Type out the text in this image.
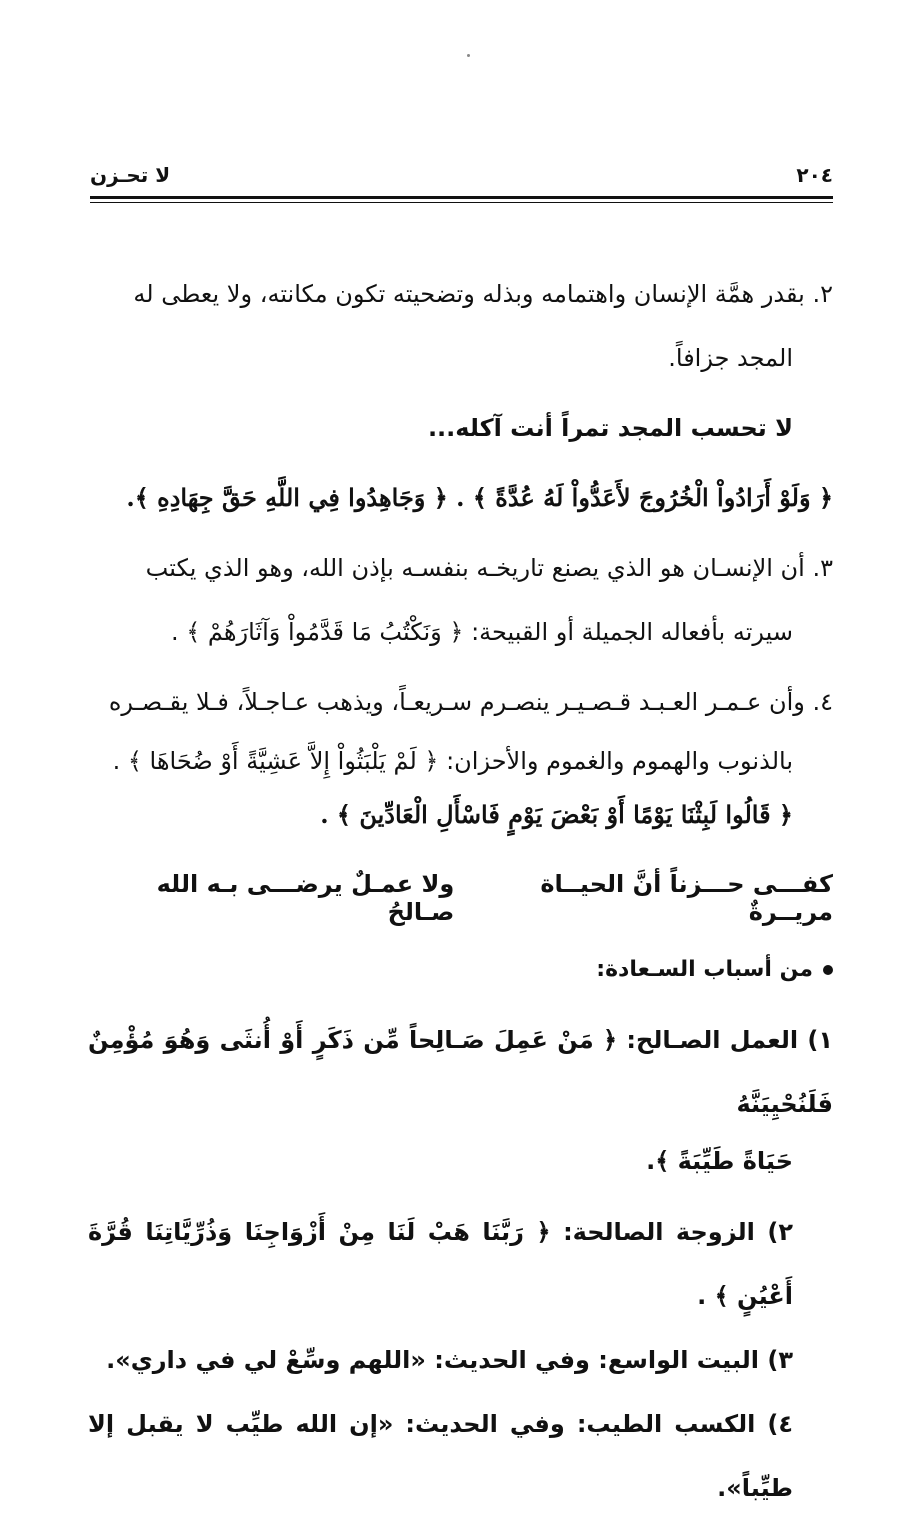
٢٠٤
لا تحـزن

٢. بقدر همَّة الإنسان واهتمامه وبذله وتضحيته تكون مكانته، ولا يعطى له

المجد جزافاً.

لا تحسب المجد تمراً أنت آكله...

﴿ وَلَوْ أَرَادُواْ الْخُرُوجَ لأَعَدُّواْ لَهُ عُدَّةً ﴾ . ﴿ وَجَاهِدُوا فِي اللَّهِ حَقَّ جِهَادِهِ ﴾.

٣. أن الإنسـان هو الذي يصنع تاريخـه بنفسـه بإذن الله، وهو الذي يكتب

سيرته بأفعاله الجميلة أو القبيحة: ﴿ وَنَكْتُبُ مَا قَدَّمُواْ وَآثَارَهُمْ ﴾ .

٤. وأن عـمـر العـبـد قـصـيـر ينصـرم سـريعـاً، ويذهب عـاجـلاً، فـلا يقـصـره

بالذنوب والهموم والغموم والأحزان: ﴿ لَمْ يَلْبَثُواْ إِلاَّ عَشِيَّةً أَوْ ضُحَاهَا ﴾ .

﴿ قَالُوا لَبِثْنَا يَوْمًا أَوْ بَعْضَ يَوْمٍ فَاسْأَلِ الْعَادِّينَ ﴾ .

كفـــى حـــزناً أنَّ الحيــاة مريــرةٌ
ولا عمـلٌ يرضـــى بـه الله صـالحُ

من أسباب السـعادة:

١) العمل الصـالح: ﴿ مَنْ عَمِلَ صَـالِحاً مِّن ذَكَرٍ أَوْ أُنثَى وَهُوَ مُؤْمِنٌ فَلَنُحْيِيَنَّهُ

حَيَاةً طَيِّبَةً ﴾.

٢) الزوجة الصالحة: ﴿ رَبَّنَا هَبْ لَنَا مِنْ أَزْوَاجِنَا وَذُرِّيَّاتِنَا قُرَّةَ أَعْيُنٍ ﴾ .

٣) البيت الواسع: وفي الحديث: «اللهم وسِّعْ لي في داري».

٤) الكسب الطيب: وفي الحديث: «إن الله طيِّب لا يقبل إلا طيِّباً».
